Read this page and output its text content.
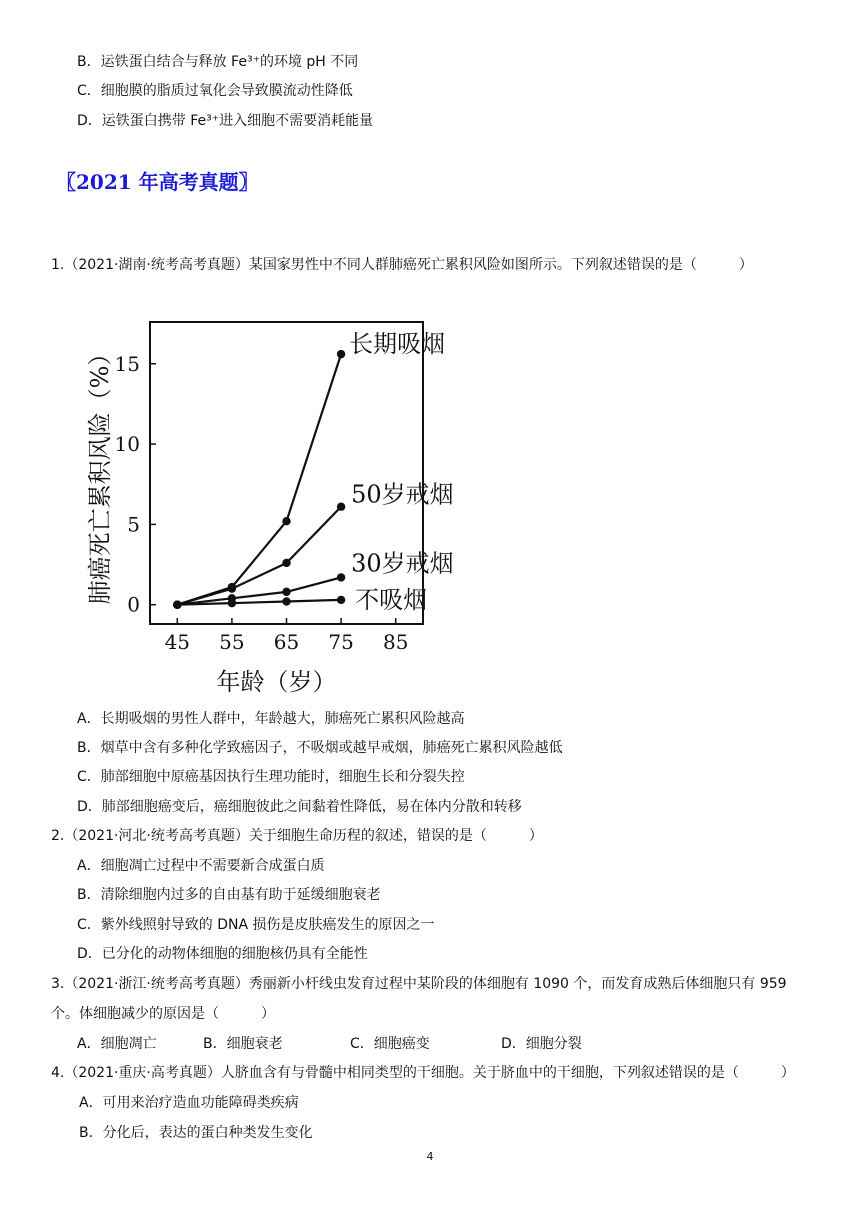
B．运铁蛋白结合与释放 Fe³⁺的环境 pH 不同
C．细胞膜的脂质过氧化会导致膜流动性降低
D．运铁蛋白携带 Fe³⁺进入细胞不需要消耗能量
〖2021 年高考真题〗
1.（2021·湖南·统考高考真题）某国家男性中不同人群肺癌死亡累积风险如图所示。下列叙述错误的是（　　　）
0
5
10
15
45 55 65 75 85
年龄（岁）
肺癌死亡累积风险（%）	长期吸烟
50岁戒烟
30岁戒烟
不吸烟
A．长期吸烟的男性人群中，年龄越大，肺癌死亡累积风险越高
B．烟草中含有多种化学致癌因子，不吸烟或越早戒烟，肺癌死亡累积风险越低
C．肺部细胞中原癌基因执行生理功能时，细胞生长和分裂失控
D．肺部细胞癌变后，癌细胞彼此之间黏着性降低，易在体内分散和转移
2.（2021·河北·统考高考真题）关于细胞生命历程的叙述，错误的是（　　　）
A．细胞凋亡过程中不需要新合成蛋白质
B．清除细胞内过多的自由基有助于延缓细胞衰老
C．紫外线照射导致的 DNA 损伤是皮肤癌发生的原因之一
D．已分化的动物体细胞的细胞核仍具有全能性
3.（2021·浙江·统考高考真题）秀丽新小杆线虫发育过程中某阶段的体细胞有 1090 个，而发育成熟后体细胞只有 959
个。体细胞减少的原因是（　　　）
A．细胞凋亡	B．细胞衰老	C．细胞癌变	D．细胞分裂
4.（2021·重庆·高考真题）人脐血含有与骨髓中相同类型的干细胞。关于脐血中的干细胞，下列叙述错误的是（　　　）
A．可用来治疗造血功能障碍类疾病
B．分化后，表达的蛋白种类发生变化
4
